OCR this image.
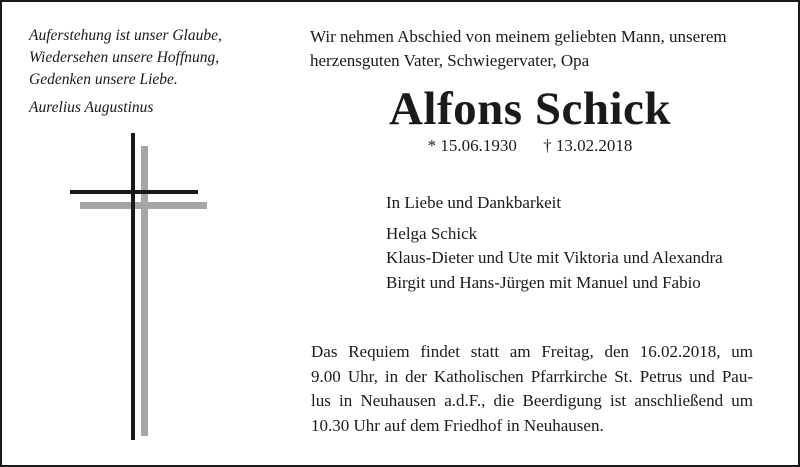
Auferstehung ist unser Glaube,
Wiedersehen unsere Hoffnung,
Gedenken unsere Liebe.
Aurelius Augustinus
Wir nehmen Abschied von meinem geliebten Mann, unserem
herzensguten Vater, Schwiegervater, Opa
Alfons Schick
* 15.06.1930 † 13.02.2018
In Liebe und Dankbarkeit
Helga Schick
Klaus-Dieter und Ute mit Viktoria und Alexandra
Birgit und Hans-Jürgen mit Manuel und Fabio
Das Requiem findet statt am Freitag, den 16.02.2018, um
9.00 Uhr, in der Katholischen Pfarrkirche St. Petrus und Pau-
lus in Neuhausen a.d.F., die Beerdigung ist anschließend um
10.30 Uhr auf dem Friedhof in Neuhausen.
